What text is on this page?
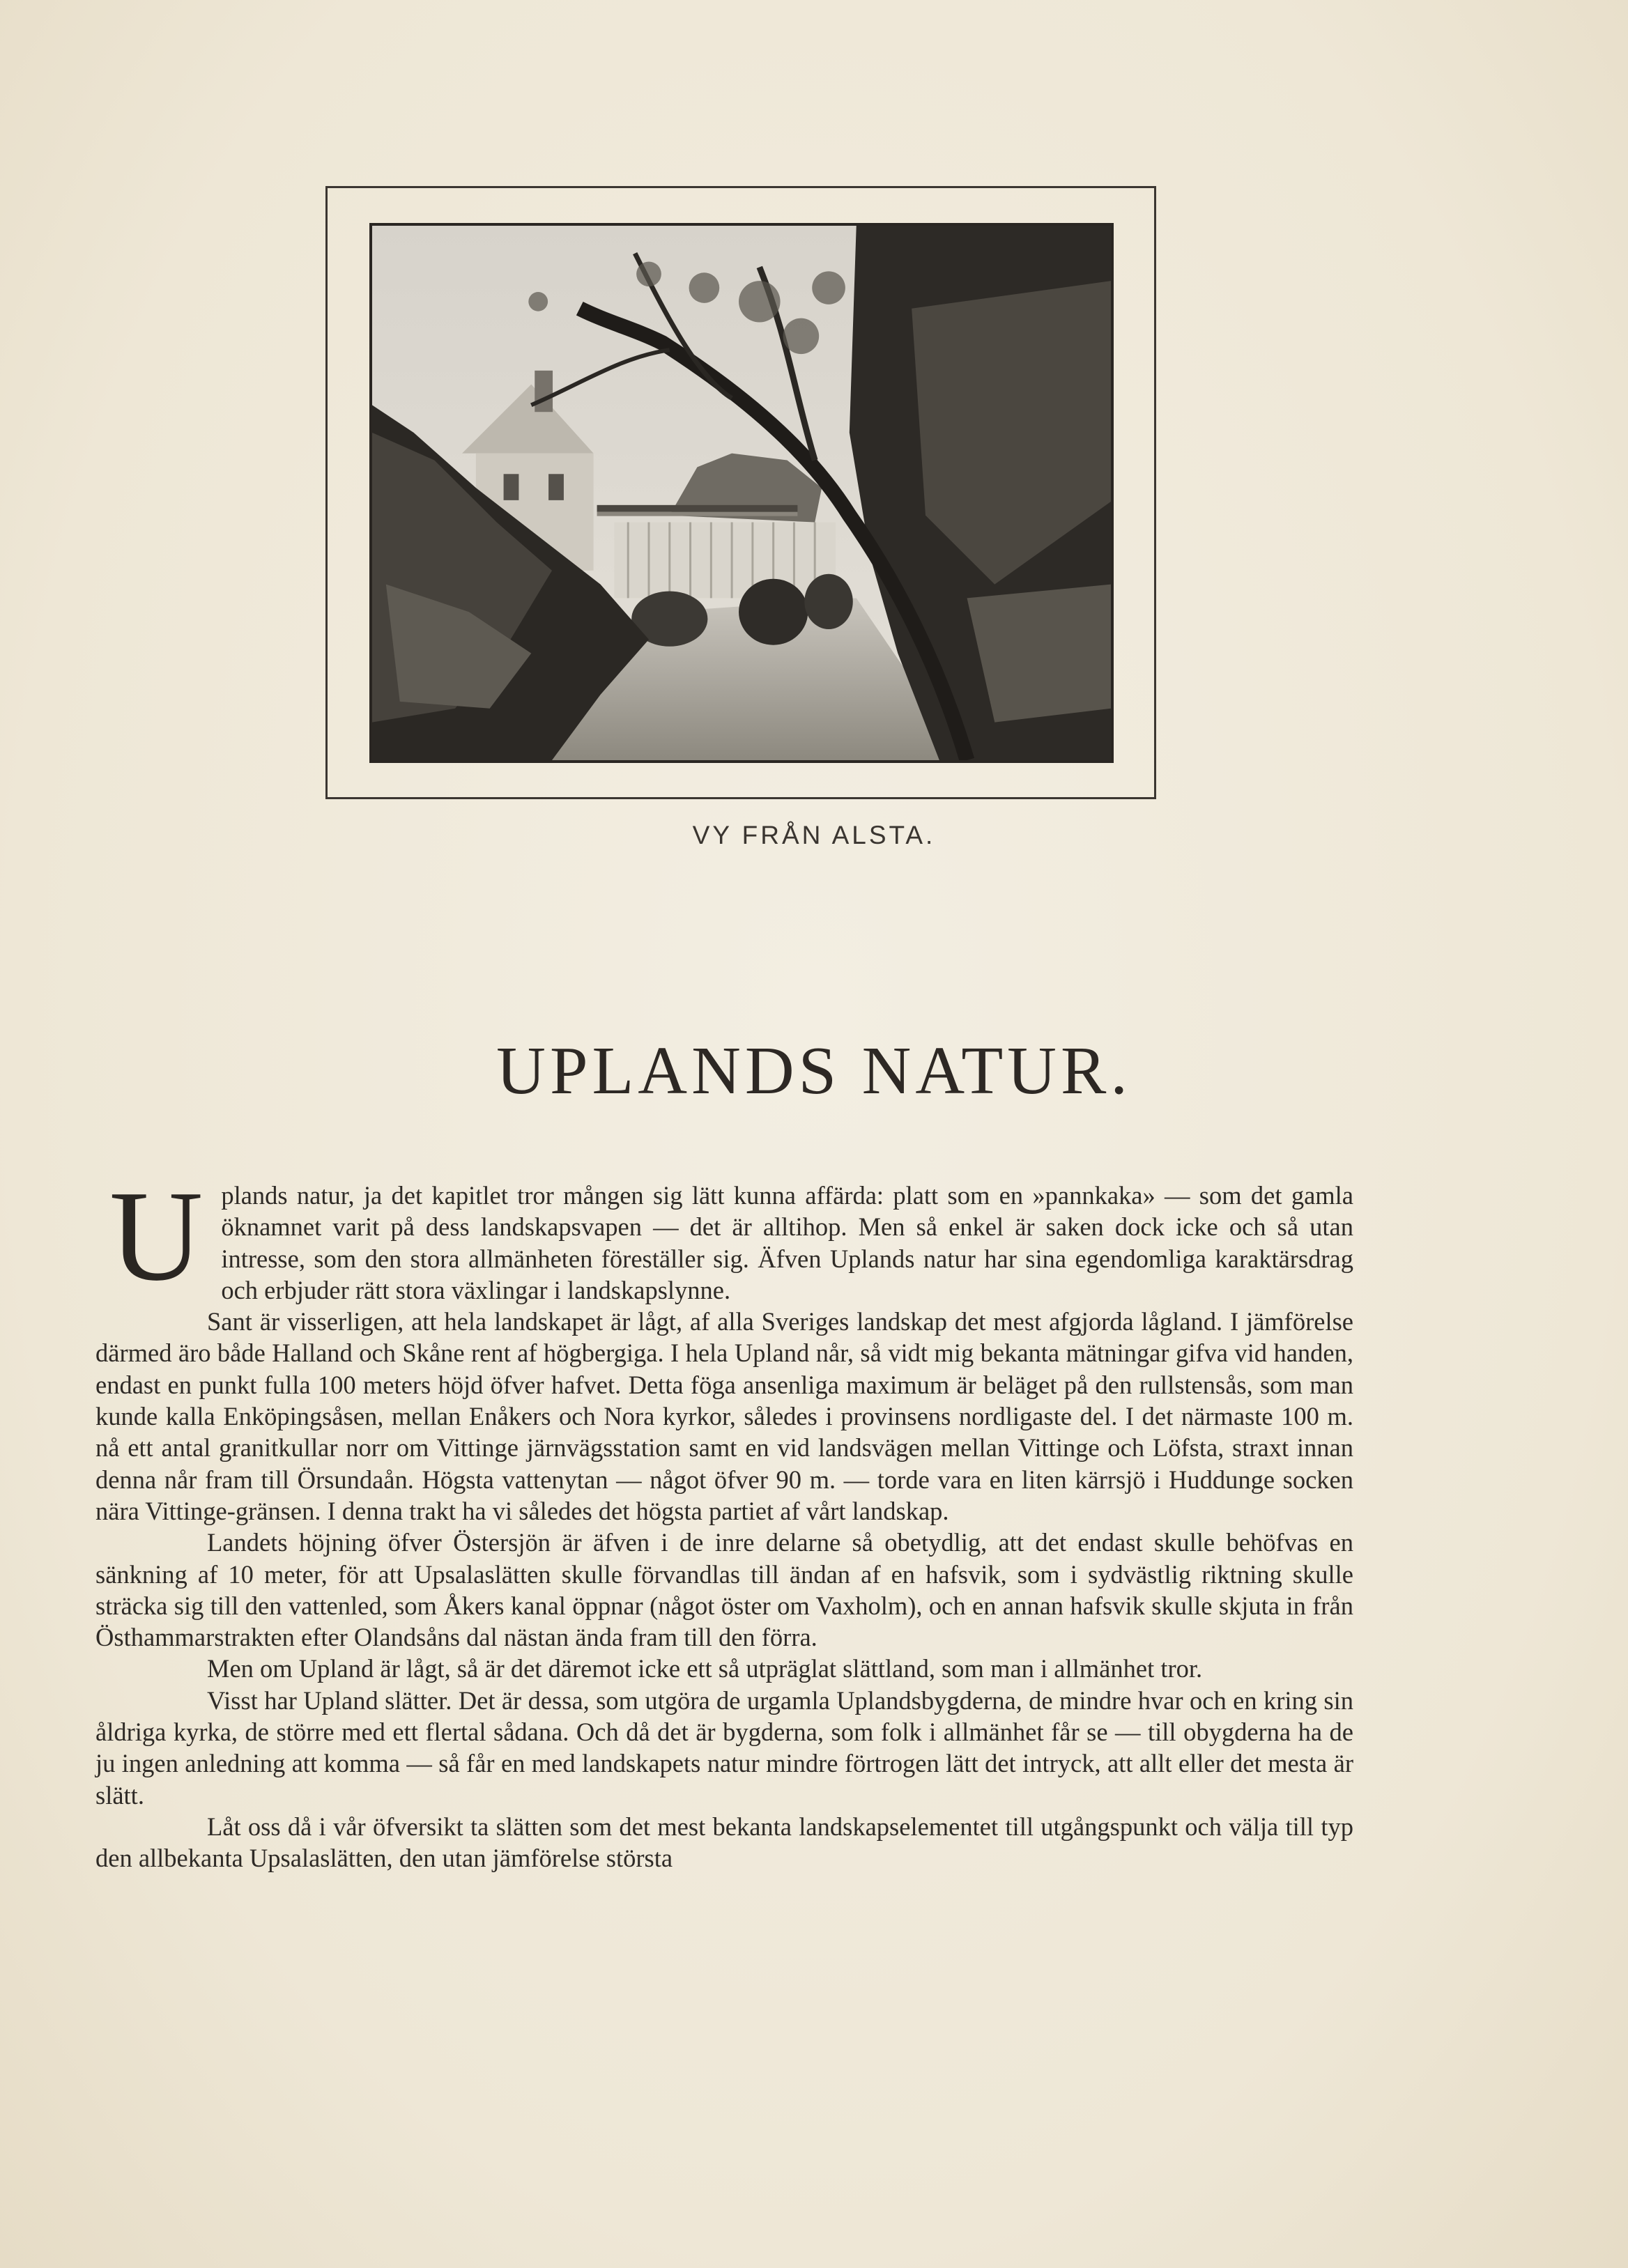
VY FRÅN ALSTA.
UPLANDS NATUR.

Uplands natur, ja det kapitlet tror mången sig lätt kunna affärda: platt som en »pannkaka» — som det gamla öknamnet varit på dess landskapsvapen — det är alltihop. Men så enkel är saken dock icke och så utan intresse, som den stora allmänheten föreställer sig. Äfven Uplands natur har sina egendomliga karaktärsdrag och erbjuder rätt stora växlingar i landskapslynne.

Sant är visserligen, att hela landskapet är lågt, af alla Sveriges landskap det mest afgjorda lågland. I jämförelse därmed äro både Halland och Skåne rent af högbergiga. I hela Upland når, så vidt mig bekanta mätningar gifva vid handen, endast en punkt fulla 100 meters höjd öfver hafvet. Detta föga ansenliga maximum är beläget på den rullstensås, som man kunde kalla Enköpingsåsen, mellan Enåkers och Nora kyrkor, således i provinsens nordligaste del. I det närmaste 100 m. nå ett antal granitkullar norr om Vittinge järnvägsstation samt en vid landsvägen mellan Vittinge och Löfsta, straxt innan denna når fram till Örsundaån. Högsta vattenytan — något öfver 90 m. — torde vara en liten kärrsjö i Huddunge socken nära Vittinge-gränsen. I denna trakt ha vi således det högsta partiet af vårt landskap.

Landets höjning öfver Östersjön är äfven i de inre delarne så obetydlig, att det endast skulle behöfvas en sänkning af 10 meter, för att Upsalaslätten skulle förvandlas till ändan af en hafsvik, som i sydvästlig riktning skulle sträcka sig till den vattenled, som Åkers kanal öppnar (något öster om Vaxholm), och en annan hafsvik skulle skjuta in från Östhammarstrakten efter Olandsåns dal nästan ända fram till den förra.

Men om Upland är lågt, så är det däremot icke ett så utpräglat slättland, som man i allmänhet tror.

Visst har Upland slätter. Det är dessa, som utgöra de urgamla Uplandsbygderna, de mindre hvar och en kring sin åldriga kyrka, de större med ett flertal sådana. Och då det är bygderna, som folk i allmänhet får se — till obygderna ha de ju ingen anledning att komma — så får en med landskapets natur mindre förtrogen lätt det intryck, att allt eller det mesta är slätt.

Låt oss då i vår öfversikt ta slätten som det mest bekanta landskapselementet till utgångspunkt och välja till typ den allbekanta Upsalaslätten, den utan jämförelse största
